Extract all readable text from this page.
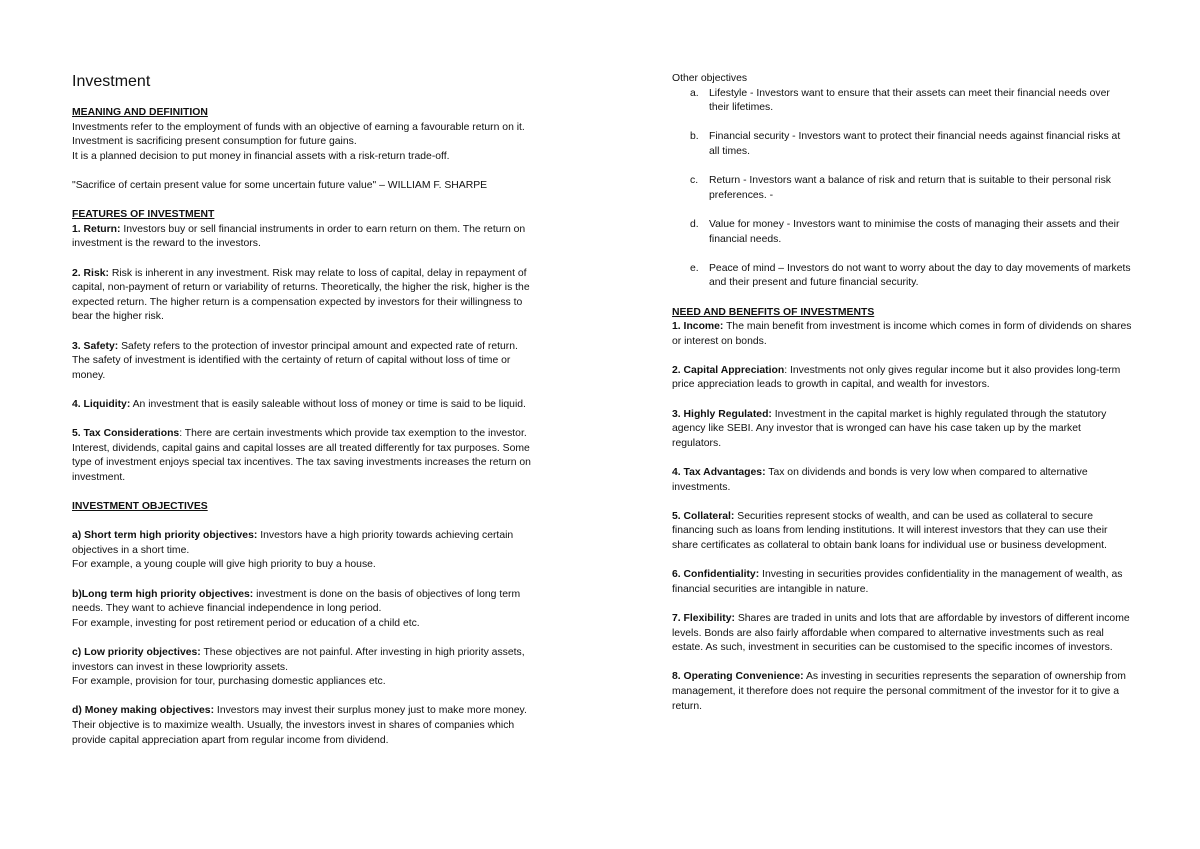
Investment

MEANING AND DEFINITION

Investments refer to the employment of funds with an objective of earning a favourable return on it. Investment is sacrificing present consumption for future gains.

It is a planned decision to put money in financial assets with a risk-return trade-off.

"Sacrifice of certain present value for some uncertain future value" – WILLIAM F. SHARPE

FEATURES OF INVESTMENT

1. Return: Investors buy or sell financial instruments in order to earn return on them. The return on investment is the reward to the investors.

2. Risk: Risk is inherent in any investment. Risk may relate to loss of capital, delay in repayment of capital, non-payment of return or variability of returns. Theoretically, the higher the risk, higher is the expected return. The higher return is a compensation expected by investors for their willingness to bear the higher risk.

3. Safety: Safety refers to the protection of investor principal amount and expected rate of return. The safety of investment is identified with the certainty of return of capital without loss of time or money.

4. Liquidity: An investment that is easily saleable without loss of money or time is said to be liquid.

5. Tax Considerations: There are certain investments which provide tax exemption to the investor. Interest, dividends, capital gains and capital losses are all treated differently for tax purposes. Some type of investment enjoys special tax incentives. The tax saving investments increases the return on investment.

INVESTMENT OBJECTIVES

a) Short term high priority objectives: Investors have a high priority towards achieving certain objectives in a short time.

For example, a young couple will give high priority to buy a house.

b)Long term high priority objectives: investment is done on the basis of objectives of long term needs. They want to achieve financial independence in long period.

For example, investing for post retirement period or education of a child etc.

c) Low priority objectives: These objectives are not painful. After investing in high priority assets, investors can invest in these lowpriority assets.

For example, provision for tour, purchasing domestic appliances etc.

d) Money making objectives: Investors may invest their surplus money just to make more money. Their objective is to maximize wealth. Usually, the investors invest in shares of companies which provide capital appreciation apart from regular income from dividend.

Other objectives

a. Lifestyle - Investors want to ensure that their assets can meet their financial needs over their lifetimes.
b. Financial security - Investors want to protect their financial needs against financial risks at all times.
c. Return - Investors want a balance of risk and return that is suitable to their personal risk preferences. -
d. Value for money - Investors want to minimise the costs of managing their assets and their financial needs.
e. Peace of mind – Investors do not want to worry about the day to day movements of markets and their present and future financial security.

NEED AND BENEFITS OF INVESTMENTS

1. Income: The main benefit from investment is income which comes in form of dividends on shares or interest on bonds.

2. Capital Appreciation: Investments not only gives regular income but it also provides long-term price appreciation leads to growth in capital, and wealth for investors.

3. Highly Regulated: Investment in the capital market is highly regulated through the statutory agency like SEBI. Any investor that is wronged can have his case taken up by the market regulators.

4. Tax Advantages: Tax on dividends and bonds is very low when compared to alternative investments.

5. Collateral: Securities represent stocks of wealth, and can be used as collateral to secure financing such as loans from lending institutions. It will interest investors that they can use their share certificates as collateral to obtain bank loans for individual use or business development.

6. Confidentiality: Investing in securities provides confidentiality in the management of wealth, as financial securities are intangible in nature.

7. Flexibility: Shares are traded in units and lots that are affordable by investors of different income levels. Bonds are also fairly affordable when compared to alternative investments such as real estate. As such, investment in securities can be customised to the specific incomes of investors.

8. Operating Convenience: As investing in securities represents the separation of ownership from management, it therefore does not require the personal commitment of the investor for it to give a return.
